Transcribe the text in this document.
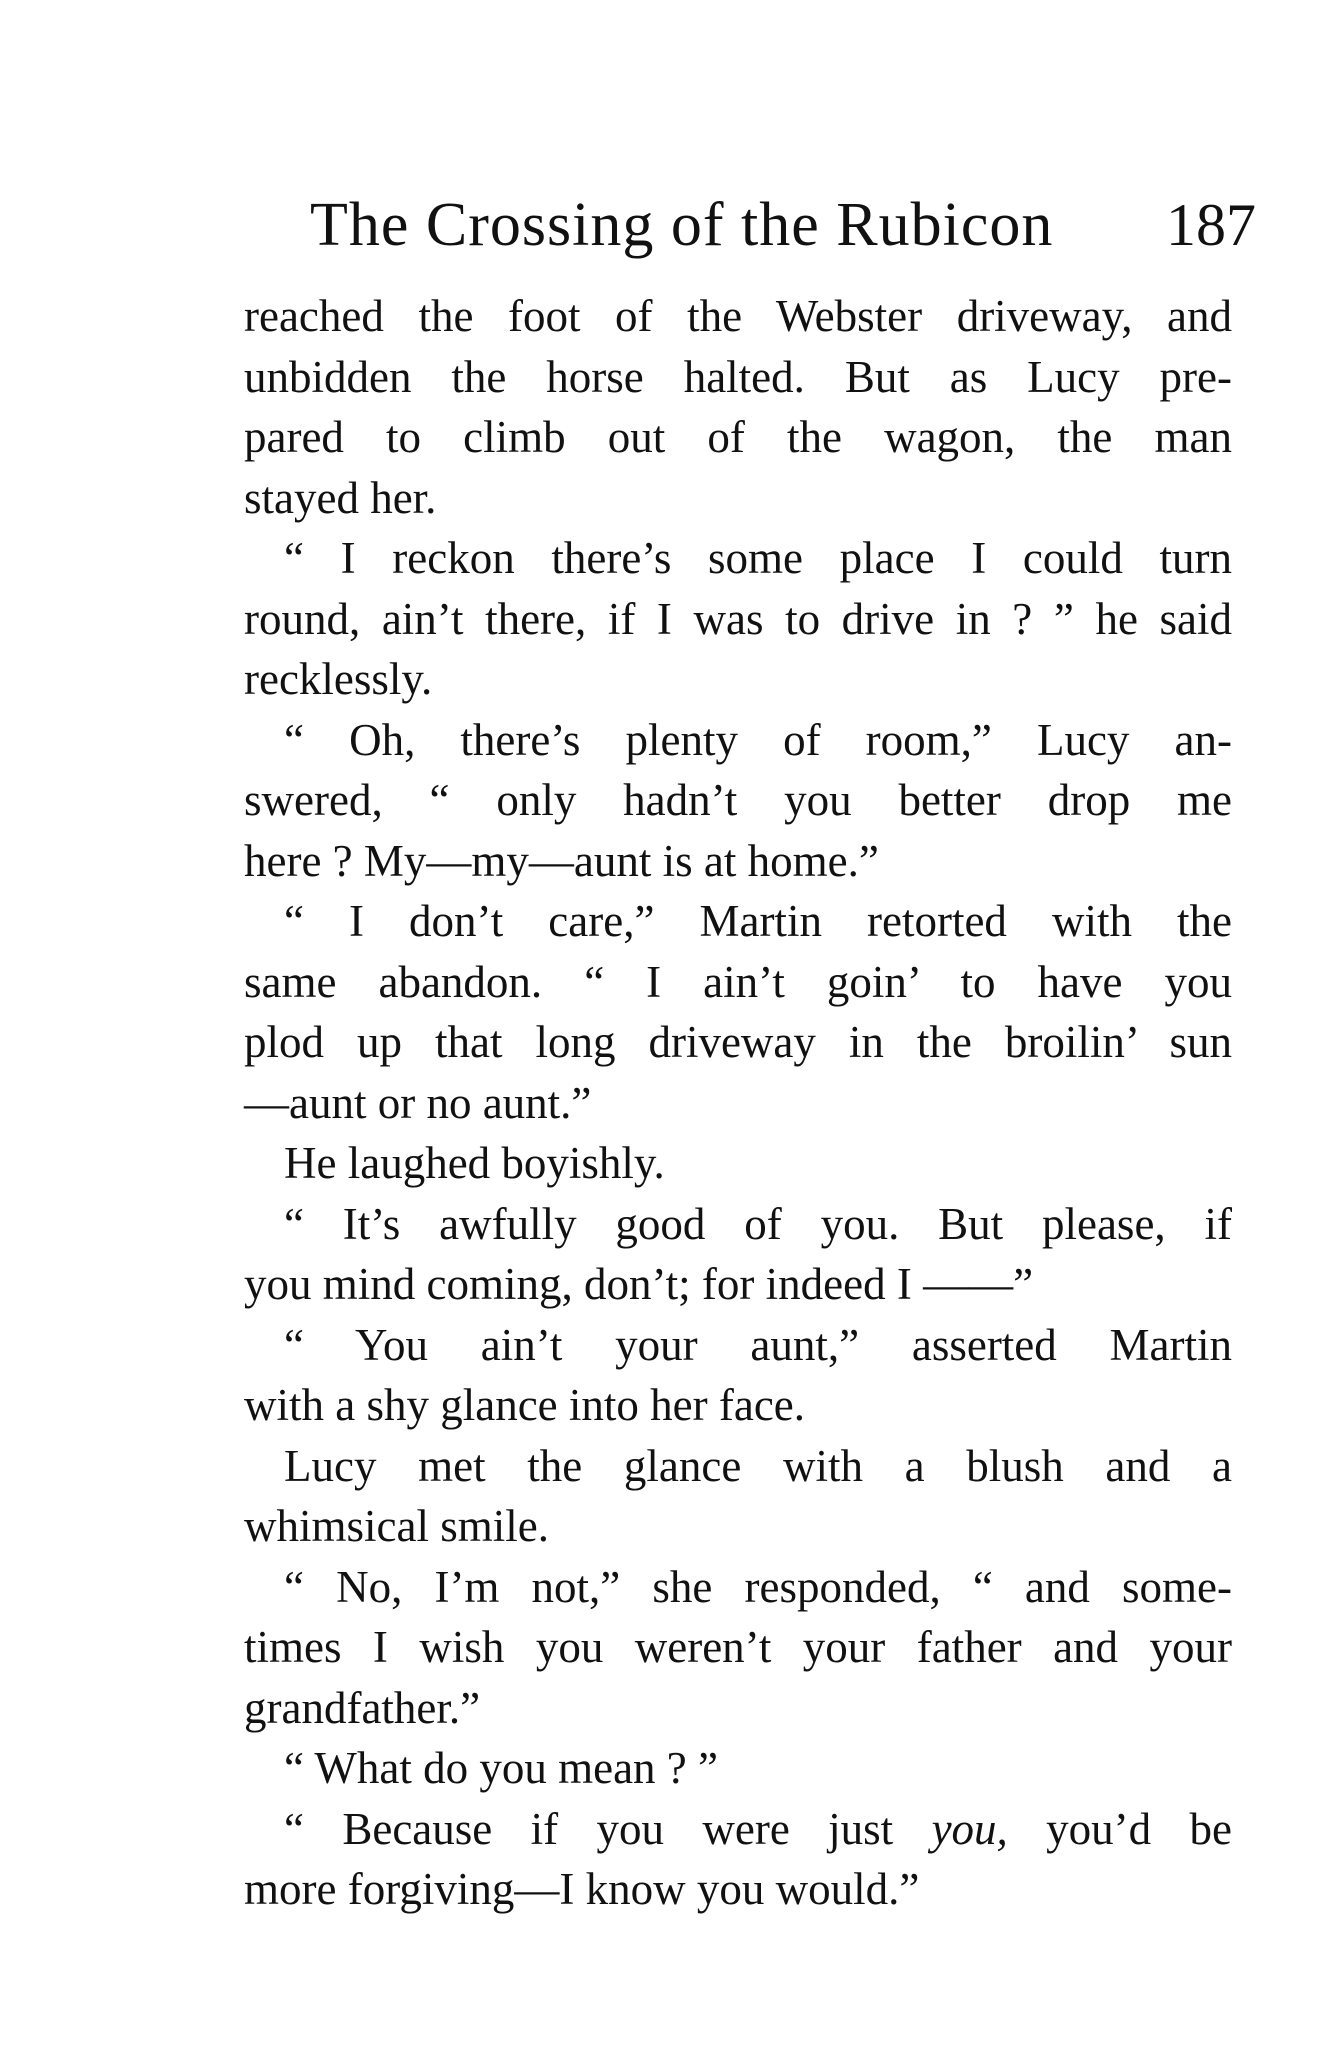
The Crossing of the Rubicon 187
reached the foot of the Webster driveway, and
unbidden the horse halted. But as Lucy pre-
pared to climb out of the wagon, the man
stayed her.
“ I reckon there’s some place I could turn
round, ain’t there, if I was to drive in ? ” he said
recklessly.
“ Oh, there’s plenty of room,” Lucy an-
swered, “ only hadn’t you better drop me
here ? My—my—aunt is at home.”
“ I don’t care,” Martin retorted with the
same abandon. “ I ain’t goin’ to have you
plod up that long driveway in the broilin’ sun
—aunt or no aunt.”
He laughed boyishly.
“ It’s awfully good of you. But please, if
you mind coming, don’t; for indeed I ——”
“ You ain’t your aunt,” asserted Martin
with a shy glance into her face.
Lucy met the glance with a blush and a
whimsical smile.
“ No, I’m not,” she responded, “ and some-
times I wish you weren’t your father and your
grandfather.”
“ What do you mean ? ”
“ Because if you were just you, you’d be
more forgiving—I know you would.”
